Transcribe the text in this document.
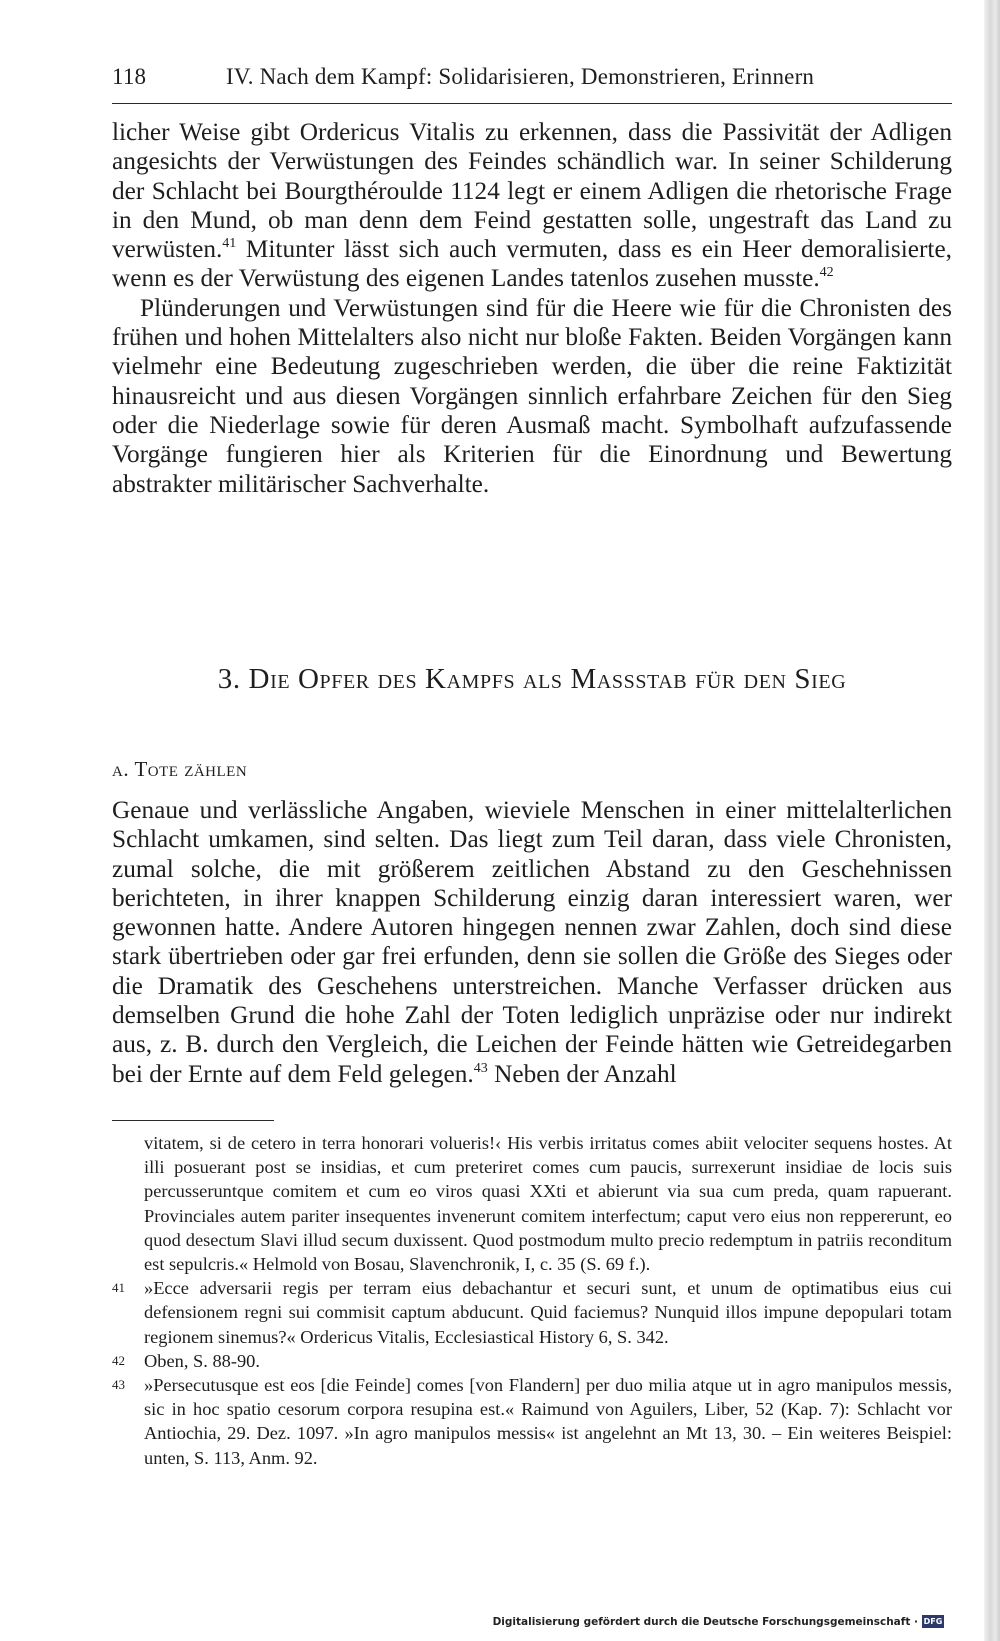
118	IV. Nach dem Kampf: Solidarisieren, Demonstrieren, Erinnern

licher Weise gibt Ordericus Vitalis zu erkennen, dass die Passivität der Adligen angesichts der Verwüstungen des Feindes schändlich war. In seiner Schilderung der Schlacht bei Bourgthéroulde 1124 legt er einem Adligen die rhetorische Frage in den Mund, ob man denn dem Feind gestatten solle, ungestraft das Land zu verwüsten.$^{41}$ Mitunter lässt sich auch vermuten, dass es ein Heer demoralisierte, wenn es der Verwüstung des eigenen Landes tatenlos zusehen musste.$^{42}$

Plünderungen und Verwüstungen sind für die Heere wie für die Chronisten des frühen und hohen Mittelalters also nicht nur bloße Fakten. Beiden Vorgängen kann vielmehr eine Bedeutung zugeschrieben werden, die über die reine Faktizität hinausreicht und aus diesen Vorgängen sinnlich erfahrbare Zeichen für den Sieg oder die Niederlage sowie für deren Ausmaß macht. Symbolhaft aufzufassende Vorgänge fungieren hier als Kriterien für die Einordnung und Bewertung abstrakter militärischer Sachverhalte.

3. Die Opfer des Kampfs als Massstab für den Sieg
a. Tote zählen

Genaue und verlässliche Angaben, wieviele Menschen in einer mittelalterlichen Schlacht umkamen, sind selten. Das liegt zum Teil daran, dass viele Chronisten, zumal solche, die mit größerem zeitlichen Abstand zu den Geschehnissen berichteten, in ihrer knappen Schilderung einzig daran interessiert waren, wer gewonnen hatte. Andere Autoren hingegen nennen zwar Zahlen, doch sind diese stark übertrieben oder gar frei erfunden, denn sie sollen die Größe des Sieges oder die Dramatik des Geschehens unterstreichen. Manche Verfasser drücken aus demselben Grund die hohe Zahl der Toten lediglich unpräzise oder nur indirekt aus, z. B. durch den Vergleich, die Leichen der Feinde hätten wie Getreidegarben bei der Ernte auf dem Feld gelegen.$^{43}$ Neben der Anzahl

vitatem, si de cetero in terra honorari volueris!‹ His verbis irritatus comes abiit velociter sequens hostes. At illi posuerant post se insidias, et cum preteriret comes cum paucis, surrexerunt insidiae de locis suis percusseruntque comitem et cum eo viros quasi XXti et abierunt via sua cum preda, quam rapuerant. Provinciales autem pariter insequentes invenerunt comitem interfectum; caput vero eius non reppererunt, eo quod desectum Slavi illud secum duxissent. Quod postmodum multo precio redemptum in patriis reconditum est sepulcris.« Helmold von Bosau, Slavenchronik, I, c. 35 (S. 69 f.).

41 »Ecce adversarii regis per terram eius debachantur et securi sunt, et unum de optimatibus eius cui defensionem regni sui commisit captum abducunt. Quid faciemus? Nunquid illos impune depopulari totam regionem sinemus?« Ordericus Vitalis, Ecclesiastical History 6, S. 342.

42 Oben, S. 88-90.

43 »Persecutusque est eos [die Feinde] comes [von Flandern] per duo milia atque ut in agro manipulos messis, sic in hoc spatio cesorum corpora resupina est.« Raimund von Aguilers, Liber, 52 (Kap. 7): Schlacht vor Antiochia, 29. Dez. 1097. »In agro manipulos messis« ist angelehnt an Mt 13, 30. – Ein weiteres Beispiel: unten, S. 113, Anm. 92.

Digitalisierung gefördert durch die Deutsche Forschungsgemeinschaft · DFG
